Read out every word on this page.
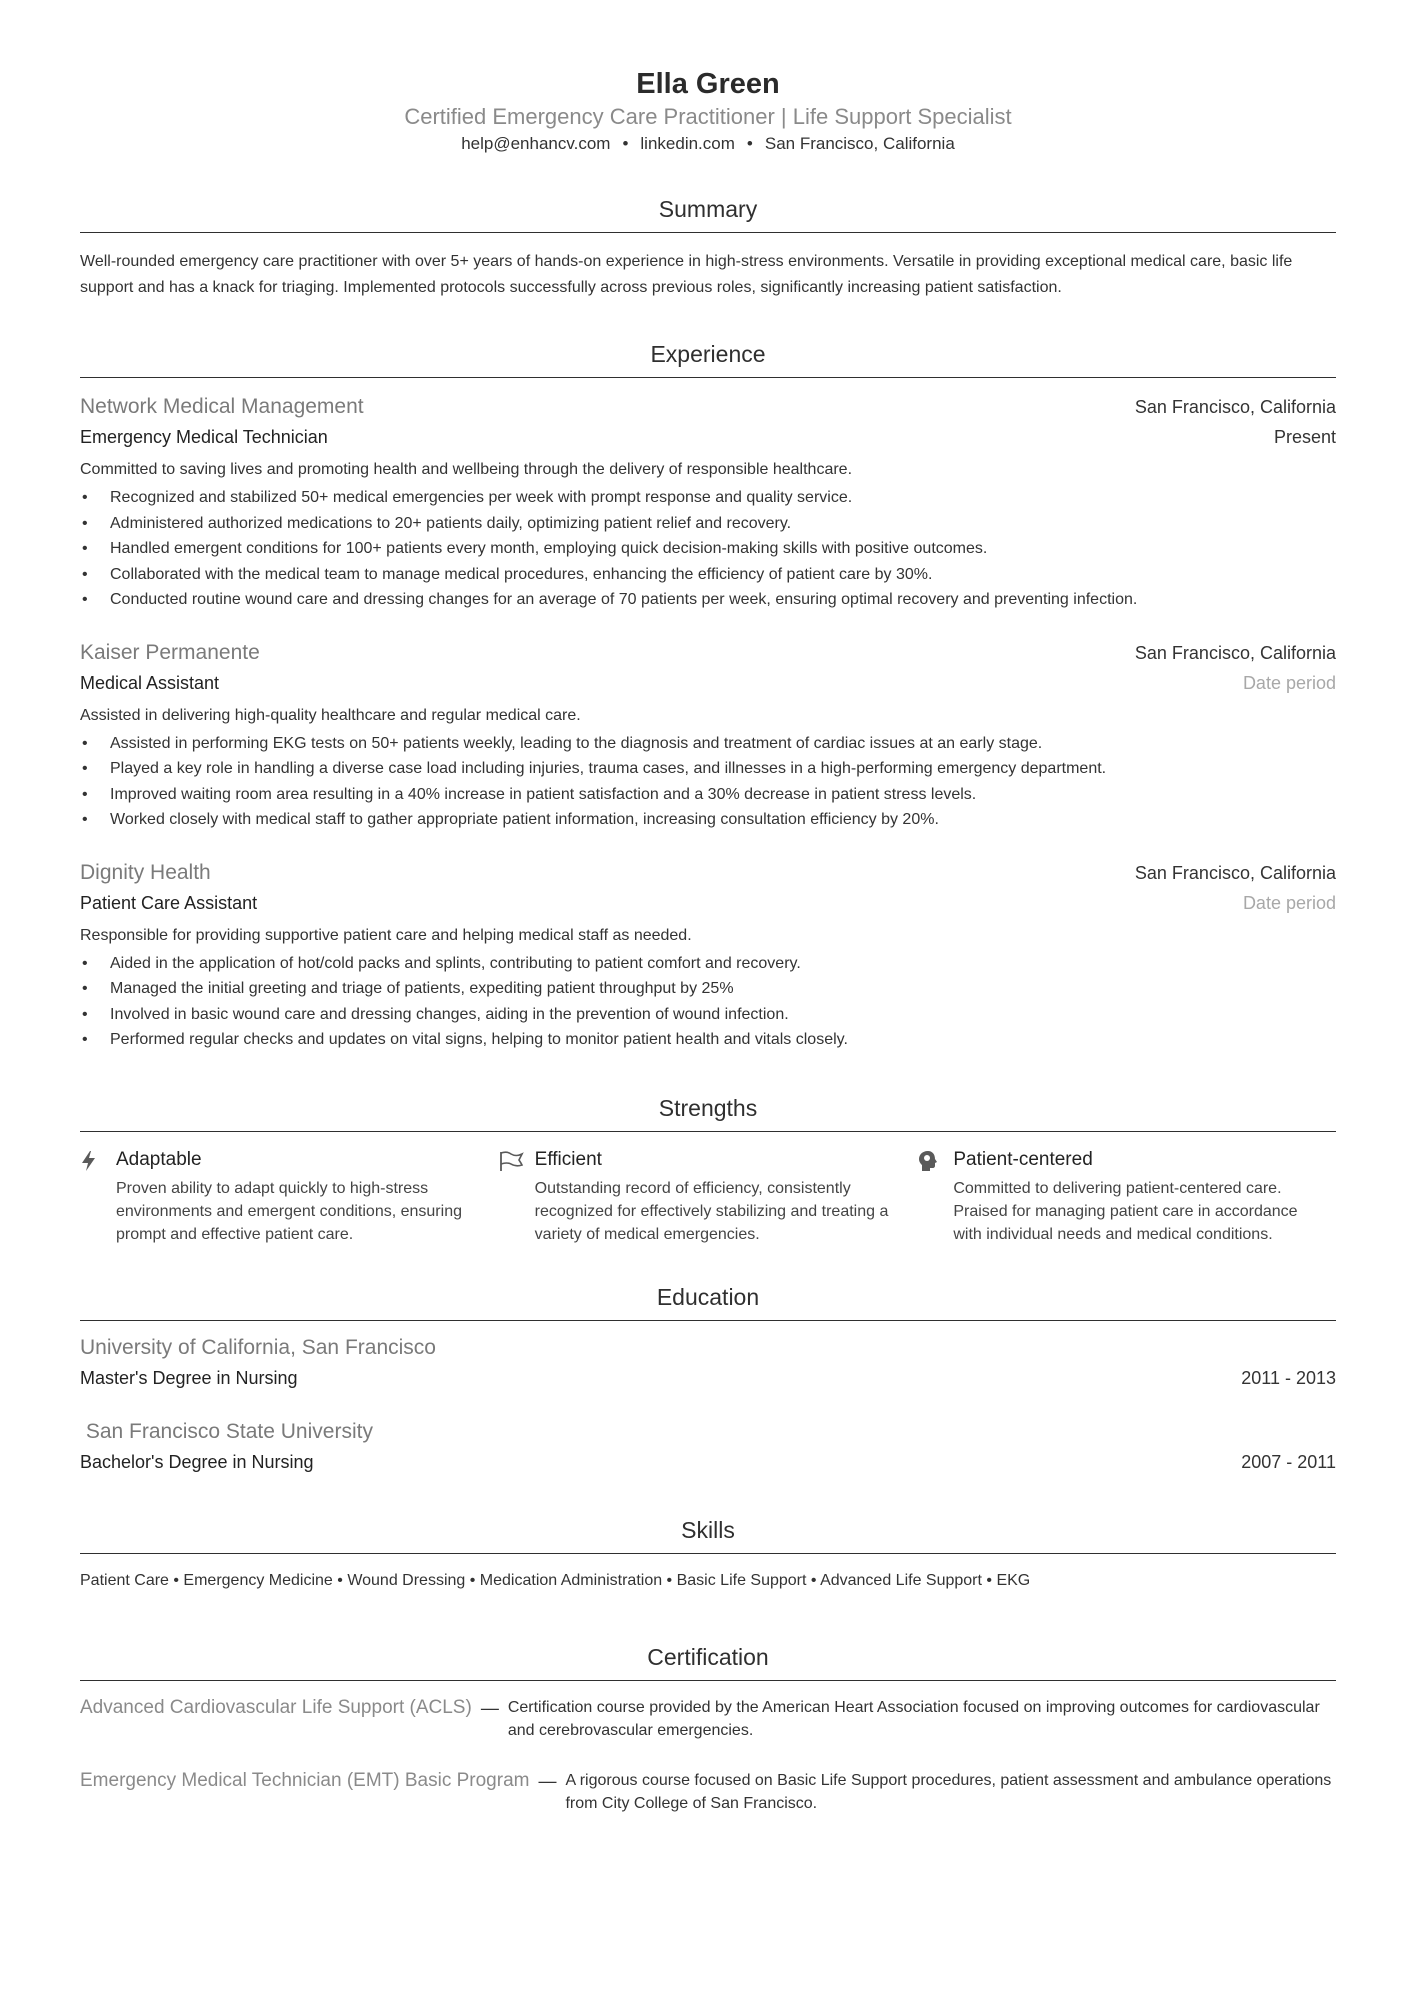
Ella Green
Certified Emergency Care Practitioner | Life Support Specialist
help@enhancv.com • linkedin.com • San Francisco, California
Summary
Well-rounded emergency care practitioner with over 5+ years of hands-on experience in high-stress environments. Versatile in providing exceptional medical care, basic life support and has a knack for triaging. Implemented protocols successfully across previous roles, significantly increasing patient satisfaction.
Experience
Network Medical Management	San Francisco, California
Emergency Medical Technician	Present
Committed to saving lives and promoting health and wellbeing through the delivery of responsible healthcare.
• Recognized and stabilized 50+ medical emergencies per week with prompt response and quality service.
• Administered authorized medications to 20+ patients daily, optimizing patient relief and recovery.
• Handled emergent conditions for 100+ patients every month, employing quick decision-making skills with positive outcomes.
• Collaborated with the medical team to manage medical procedures, enhancing the efficiency of patient care by 30%.
• Conducted routine wound care and dressing changes for an average of 70 patients per week, ensuring optimal recovery and preventing infection.
Kaiser Permanente	San Francisco, California
Medical Assistant	Date period
Assisted in delivering high-quality healthcare and regular medical care.
• Assisted in performing EKG tests on 50+ patients weekly, leading to the diagnosis and treatment of cardiac issues at an early stage.
• Played a key role in handling a diverse case load including injuries, trauma cases, and illnesses in a high-performing emergency department.
• Improved waiting room area resulting in a 40% increase in patient satisfaction and a 30% decrease in patient stress levels.
• Worked closely with medical staff to gather appropriate patient information, increasing consultation efficiency by 20%.
Dignity Health	San Francisco, California
Patient Care Assistant	Date period
Responsible for providing supportive patient care and helping medical staff as needed.
• Aided in the application of hot/cold packs and splints, contributing to patient comfort and recovery.
• Managed the initial greeting and triage of patients, expediting patient throughput by 25%
• Involved in basic wound care and dressing changes, aiding in the prevention of wound infection.
• Performed regular checks and updates on vital signs, helping to monitor patient health and vitals closely.
Strengths
Adaptable
Proven ability to adapt quickly to high-stress environments and emergent conditions, ensuring prompt and effective patient care.
Efficient
Outstanding record of efficiency, consistently recognized for effectively stabilizing and treating a variety of medical emergencies.
Patient-centered
Committed to delivering patient-centered care. Praised for managing patient care in accordance with individual needs and medical conditions.
Education
University of California, San Francisco
Master's Degree in Nursing	2011 - 2013
San Francisco State University
Bachelor's Degree in Nursing	2007 - 2011
Skills
Patient Care • Emergency Medicine • Wound Dressing • Medication Administration • Basic Life Support • Advanced Life Support • EKG
Certification
Advanced Cardiovascular Life Support (ACLS) — Certification course provided by the American Heart Association focused on improving outcomes for cardiovascular and cerebrovascular emergencies.
Emergency Medical Technician (EMT) Basic Program — A rigorous course focused on Basic Life Support procedures, patient assessment and ambulance operations from City College of San Francisco.
